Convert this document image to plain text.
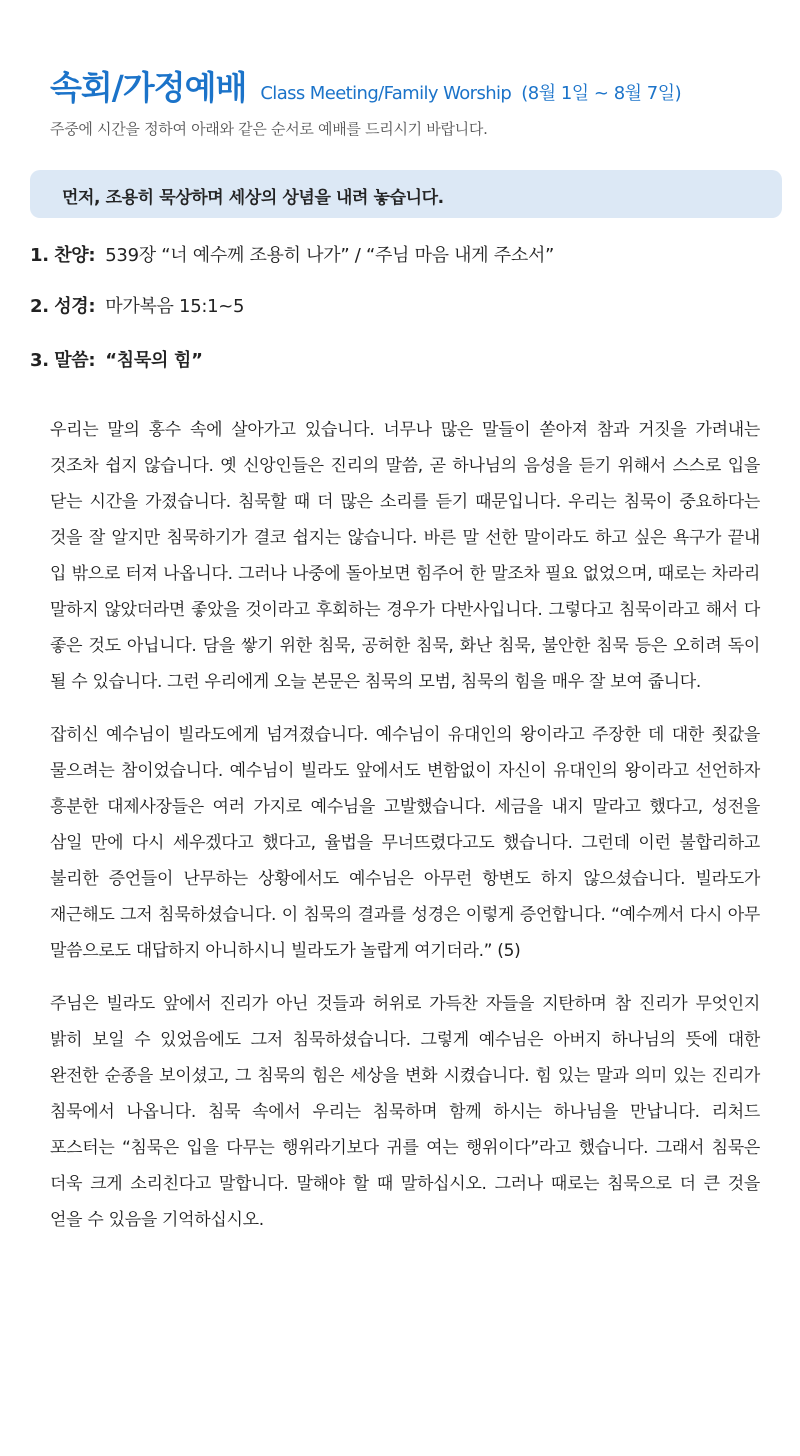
속회/가정예배 Class Meeting/Family Worship (8월 1일 ~ 8월 7일)
주중에 시간을 정하여 아래와 같은 순서로 예배를 드리시기 바랍니다.
먼저, 조용히 묵상하며 세상의 상념을 내려 놓습니다.
1. 찬양: 539장 “너 예수께 조용히 나가” / “주님 마음 내게 주소서”
2. 성경: 마가복음 15:1~5
3. 말씀: “침묵의 힘”

우리는 말의 홍수 속에 살아가고 있습니다. 너무나 많은 말들이 쏟아져 참과 거짓을 가려내는 것조차 쉽지 않습니다. 옛 신앙인들은 진리의 말씀, 곧 하나님의 음성을 듣기 위해서 스스로 입을 닫는 시간을 가졌습니다. 침묵할 때 더 많은 소리를 듣기 때문입니다. 우리는 침묵이 중요하다는 것을 잘 알지만 침묵하기가 결코 쉽지는 않습니다. 바른 말 선한 말이라도 하고 싶은 욕구가 끝내 입 밖으로 터져 나옵니다. 그러나 나중에 돌아보면 힘주어 한 말조차 필요 없었으며, 때로는 차라리 말하지 않았더라면 좋았을 것이라고 후회하는 경우가 다반사입니다. 그렇다고 침묵이라고 해서 다 좋은 것도 아닙니다. 담을 쌓기 위한 침묵, 공허한 침묵, 화난 침묵, 불안한 침묵 등은 오히려 독이 될 수 있습니다. 그런 우리에게 오늘 본문은 침묵의 모범, 침묵의 힘을 매우 잘 보여 줍니다.

잡히신 예수님이 빌라도에게 넘겨졌습니다. 예수님이 유대인의 왕이라고 주장한 데 대한 죗값을 물으려는 참이었습니다. 예수님이 빌라도 앞에서도 변함없이 자신이 유대인의 왕이라고 선언하자 흥분한 대제사장들은 여러 가지로 예수님을 고발했습니다. 세금을 내지 말라고 했다고, 성전을 삼일 만에 다시 세우겠다고 했다고, 율법을 무너뜨렸다고도 했습니다. 그런데 이런 불합리하고 불리한 증언들이 난무하는 상황에서도 예수님은 아무런 항변도 하지 않으셨습니다. 빌라도가 재근해도 그저 침묵하셨습니다. 이 침묵의 결과를 성경은 이렇게 증언합니다. “예수께서 다시 아무 말씀으로도 대답하지 아니하시니 빌라도가 놀랍게 여기더라.” (5)

주님은 빌라도 앞에서 진리가 아닌 것들과 허위로 가득찬 자들을 지탄하며 참 진리가 무엇인지 밝히 보일 수 있었음에도 그저 침묵하셨습니다. 그렇게 예수님은 아버지 하나님의 뜻에 대한 완전한 순종을 보이셨고, 그 침묵의 힘은 세상을 변화 시켰습니다. 힘 있는 말과 의미 있는 진리가 침묵에서 나옵니다. 침묵 속에서 우리는 침묵하며 함께 하시는 하나님을 만납니다. 리처드 포스터는 “침묵은 입을 다무는 행위라기보다 귀를 여는 행위이다”라고 했습니다. 그래서 침묵은 더욱 크게 소리친다고 말합니다. 말해야 할 때 말하십시오. 그러나 때로는 침묵으로 더 큰 것을 얻을 수 있음을 기억하십시오.
